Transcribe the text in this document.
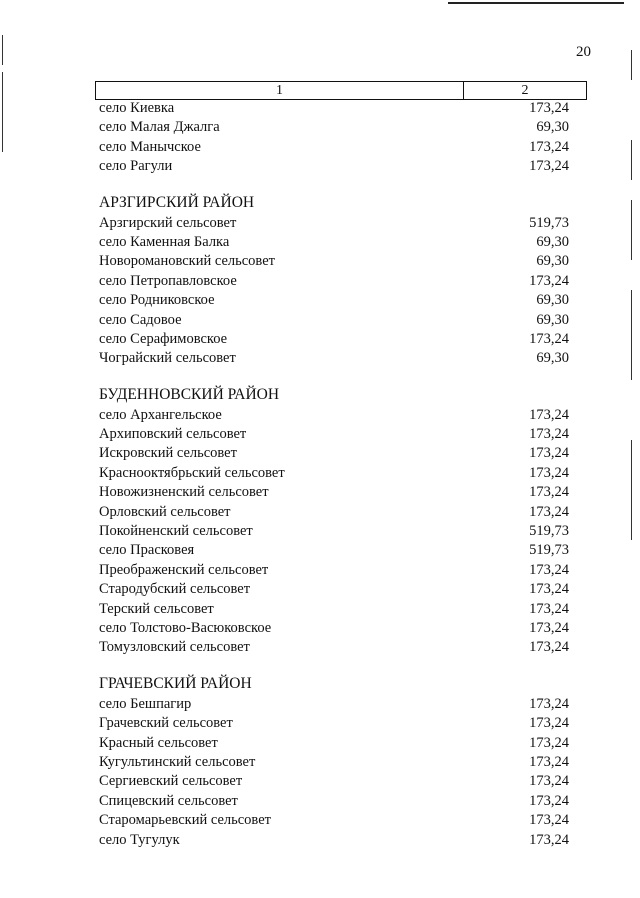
20
1	2
село Киевка	173,24
село Малая Джалга	69,30
село Манычское	173,24
село Рагули	173,24
АРЗГИРСКИЙ РАЙОН
Арзгирский сельсовет	519,73
село Каменная Балка	69,30
Новоромановский сельсовет	69,30
село Петропавловское	173,24
село Родниковское	69,30
село Садовое	69,30
село Серафимовское	173,24
Чограйский сельсовет	69,30
БУДЕННОВСКИЙ РАЙОН
село Архангельское	173,24
Архиповский сельсовет	173,24
Искровский сельсовет	173,24
Краснооктябрьский сельсовет	173,24
Новожизненский сельсовет	173,24
Орловский сельсовет	173,24
Покойненский сельсовет	519,73
село Прасковея	519,73
Преображенский сельсовет	173,24
Стародубский сельсовет	173,24
Терский сельсовет	173,24
село Толстово-Васюковское	173,24
Томузловский сельсовет	173,24
ГРАЧЕВСКИЙ РАЙОН
село Бешпагир	173,24
Грачевский сельсовет	173,24
Красный сельсовет	173,24
Кугультинский сельсовет	173,24
Сергиевский сельсовет	173,24
Спицевский сельсовет	173,24
Старомарьевский сельсовет	173,24
село Тугулук	173,24
